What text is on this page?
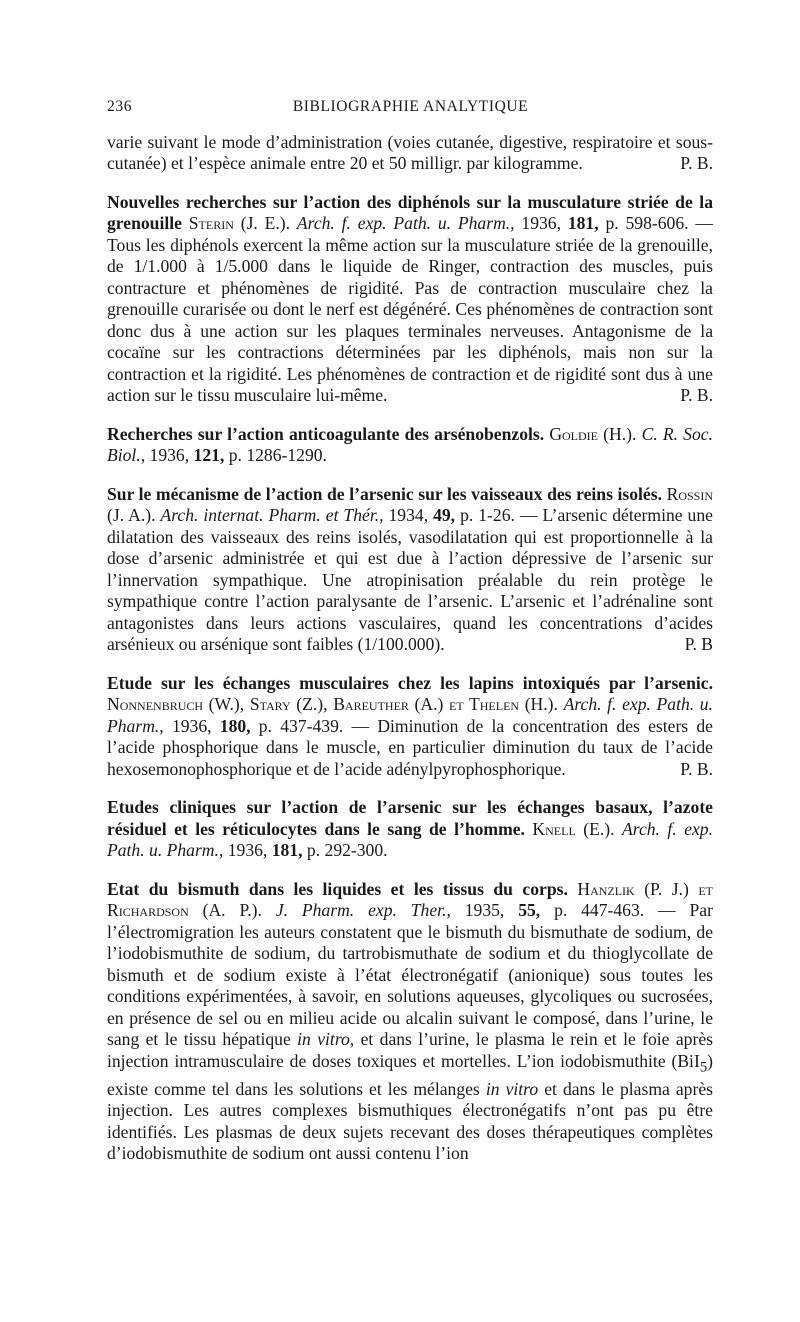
236	BIBLIOGRAPHIE ANALYTIQUE

varie suivant le mode d’administration (voies cutanée, digestive, respiratoire et sous-cutanée) et l’espèce animale entre 20 et 50 milligr. par kilogramme.	P. B.

Nouvelles recherches sur l’action des diphénols sur la musculature striée de la grenouille Sterin (J. E.). Arch. f. exp. Path. u. Pharm., 1936, 181, p. 598-606. — Tous les diphénols exercent la même action sur la musculature striée de la grenouille, de 1/1.000 à 1/5.000 dans le liquide de Ringer, contraction des muscles, puis contracture et phénomènes de rigidité. Pas de contraction musculaire chez la grenouille curarisée ou dont le nerf est dégénéré. Ces phénomènes de contraction sont donc dus à une action sur les plaques terminales nerveuses. Antagonisme de la cocaïne sur les contractions déterminées par les diphénols, mais non sur la contraction et la rigidité. Les phénomènes de contraction et de rigidité sont dus à une action sur le tissu musculaire lui-même.	P. B.

Recherches sur l’action anticoagulante des arsénobenzols. Goldie (H.). C. R. Soc. Biol., 1936, 121, p. 1286-1290.

Sur le mécanisme de l’action de l’arsenic sur les vaisseaux des reins isolés. Rossin (J. A.). Arch. internat. Pharm. et Thér., 1934, 49, p. 1-26. — L’arsenic détermine une dilatation des vaisseaux des reins isolés, vasodilatation qui est proportionnelle à la dose d’arsenic administrée et qui est due à l’action dépressive de l’arsenic sur l’innervation sympathique. Une atropinisation préalable du rein protège le sympathique contre l’action paralysante de l’arsenic. L’arsenic et l’adrénaline sont antagonistes dans leurs actions vasculaires, quand les concentrations d’acides arsénieux ou arsénique sont faibles (1/100.000).	P. B

Etude sur les échanges musculaires chez les lapins intoxiqués par l’arsenic. Nonnenbruch (W.), Stary (Z.), Bareuther (A.) et Thelen (H.). Arch. f. exp. Path. u. Pharm., 1936, 180, p. 437-439. — Diminution de la concentration des esters de l’acide phosphorique dans le muscle, en particulier diminution du taux de l’acide hexosemonophosphorique et de l’acide adénylpyrophosphorique.	P. B.

Etudes cliniques sur l’action de l’arsenic sur les échanges basaux, l’azote résiduel et les réticulocytes dans le sang de l’homme. Knell (E.). Arch. f. exp. Path. u. Pharm., 1936, 181, p. 292-300.

Etat du bismuth dans les liquides et les tissus du corps. Hanzlik (P. J.) et Richardson (A. P.). J. Pharm. exp. Ther., 1935, 55, p. 447-463. — Par l’électromigration les auteurs constatent que le bismuth du bismuthate de sodium, de l’iodobismuthite de sodium, du tartrobismuthate de sodium et du thioglycollate de bismuth et de sodium existe à l’état électronégatif (anionique) sous toutes les conditions expérimentées, à savoir, en solutions aqueuses, glycoliques ou sucrosées, en présence de sel ou en milieu acide ou alcalin suivant le composé, dans l’urine, le sang et le tissu hépatique in vitro, et dans l’urine, le plasma le rein et le foie après injection intramusculaire de doses toxiques et mortelles. L’ion iodobismuthite (BiI$_5$) existe comme tel dans les solutions et les mélanges in vitro et dans le plasma après injection. Les autres complexes bismuthiques électronégatifs n’ont pas pu être identifiés. Les plasmas de deux sujets recevant des doses thérapeutiques complètes d’iodobismuthite de sodium ont aussi contenu l’ion
